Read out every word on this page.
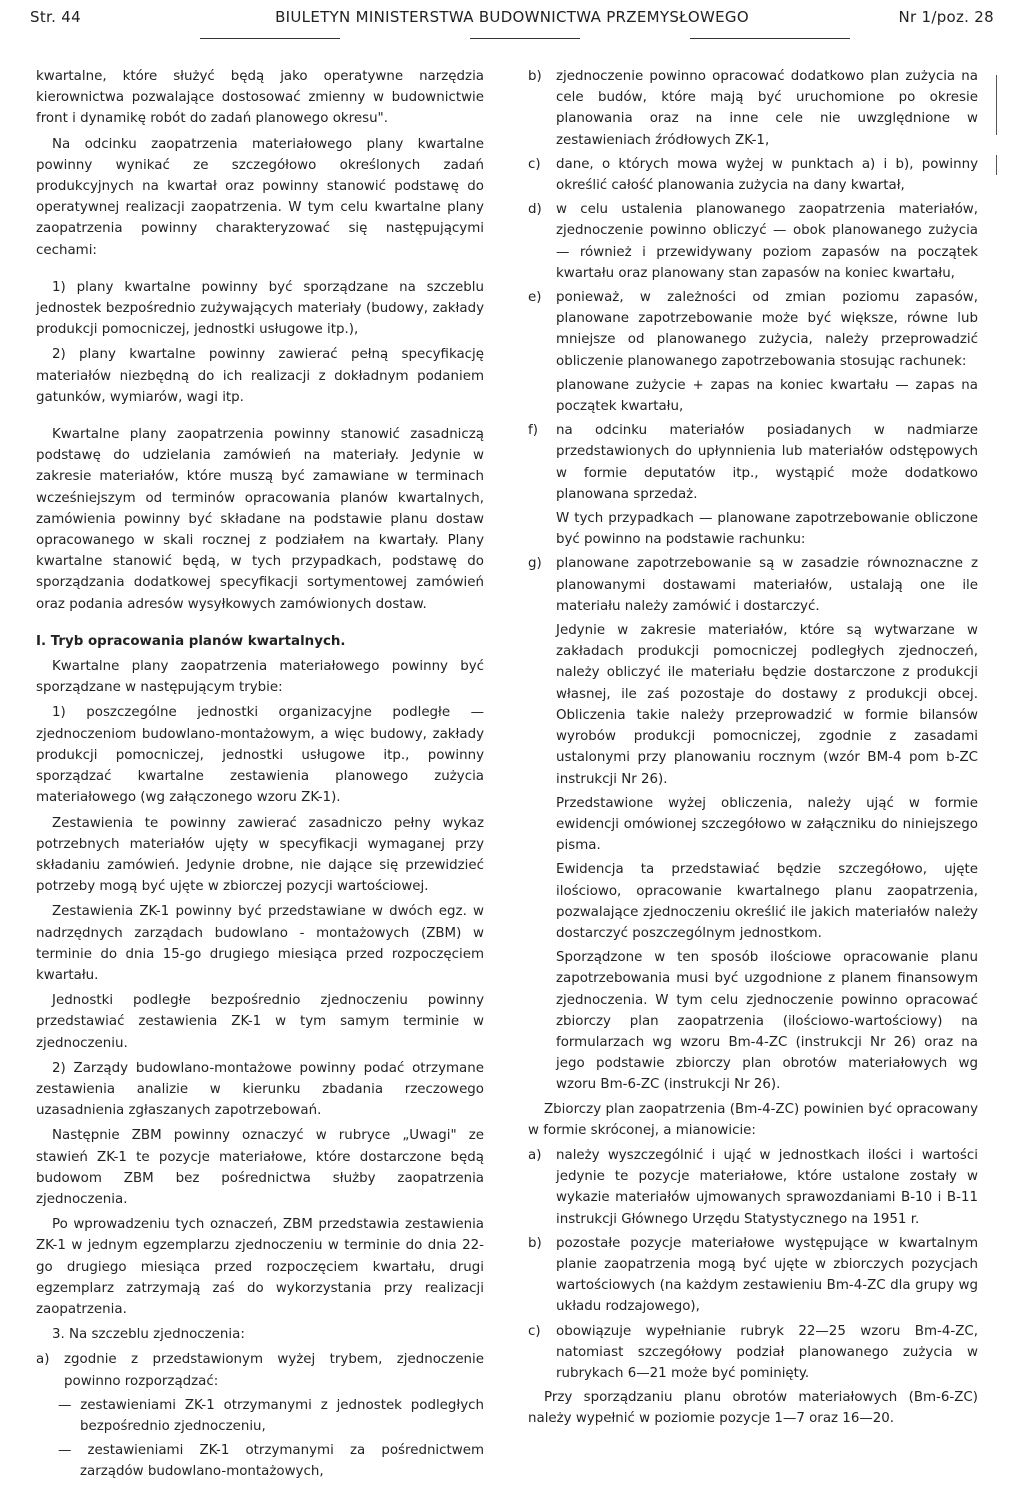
Str. 44	BIULETYN MINISTERSTWA BUDOWNICTWA PRZEMYSŁOWEGO	Nr 1/poz. 28

kwartalne, które służyć będą jako operatywne narzędzia kierownictwa pozwalające dostosować zmienny w budownictwie front i dynamikę robót do zadań planowego okresu".

Na odcinku zaopatrzenia materiałowego plany kwartalne powinny wynikać ze szczegółowo określonych zadań produkcyjnych na kwartał oraz powinny stanowić podstawę do operatywnej realizacji zaopatrzenia. W tym celu kwartalne plany zaopatrzenia powinny charakteryzować się następującymi cechami:

1) plany kwartalne powinny być sporządzane na szczeblu jednostek bezpośrednio zużywających materiały (budowy, zakłady produkcji pomocniczej, jednostki usługowe itp.),

2) plany kwartalne powinny zawierać pełną specyfikację materiałów niezbędną do ich realizacji z dokładnym podaniem gatunków, wymiarów, wagi itp.

Kwartalne plany zaopatrzenia powinny stanowić zasadniczą podstawę do udzielania zamówień na materiały. Jedynie w zakresie materiałów, które muszą być zamawiane w terminach wcześniejszym od terminów opracowania planów kwartalnych, zamówienia powinny być składane na podstawie planu dostaw opracowanego w skali rocznej z podziałem na kwartały. Plany kwartalne stanowić będą, w tych przypadkach, podstawę do sporządzania dodatkowej specyfikacji sortymentowej zamówień oraz podania adresów wysyłkowych zamówionych dostaw.

I. Tryb opracowania planów kwartalnych.

Kwartalne plany zaopatrzenia materiałowego powinny być sporządzane w następującym trybie:

1) poszczególne jednostki organizacyjne podległe — zjednoczeniom budowlano-montażowym, a więc budowy, zakłady produkcji pomocniczej, jednostki usługowe itp., powinny sporządzać kwartalne zestawienia planowego zużycia materiałowego (wg załączonego wzoru ZK-1).

Zestawienia te powinny zawierać zasadniczo pełny wykaz potrzebnych materiałów ujęty w specyfikacji wymaganej przy składaniu zamówień. Jedynie drobne, nie dające się przewidzieć potrzeby mogą być ujęte w zbiorczej pozycji wartościowej.

Zestawienia ZK-1 powinny być przedstawiane w dwóch egz. w nadrzędnych zarządach budowlano - montażowych (ZBM) w terminie do dnia 15-go drugiego miesiąca przed rozpoczęciem kwartału.

Jednostki podległe bezpośrednio zjednoczeniu powinny przedstawiać zestawienia ZK-1 w tym samym terminie w zjednoczeniu.

2) Zarządy budowlano-montażowe powinny podać otrzymane zestawienia analizie w kierunku zbadania rzeczowego uzasadnienia zgłaszanych zapotrzebowań.

Następnie ZBM powinny oznaczyć w rubryce „Uwagi" ze stawień ZK-1 te pozycje materiałowe, które dostarczone będą budowom ZBM bez pośrednictwa służby zaopatrzenia zjednoczenia.

Po wprowadzeniu tych oznaczeń, ZBM przedstawia zestawienia ZK-1 w jednym egzemplarzu zjednoczeniu w terminie do dnia 22-go drugiego miesiąca przed rozpoczęciem kwartału, drugi egzemplarz zatrzymają zaś do wykorzystania przy realizacji zaopatrzenia.

3. Na szczeblu zjednoczenia:

a) zgodnie z przedstawionym wyżej trybem, zjednoczenie powinno rozporządzać:

— zestawieniami ZK-1 otrzymanymi z jednostek podległych bezpośrednio zjednoczeniu,

— zestawieniami ZK-1 otrzymanymi za pośrednictwem zarządów budowlano-montażowych,

b) zjednoczenie powinno opracować dodatkowo plan zużycia na cele budów, które mają być uruchomione po okresie planowania oraz na inne cele nie uwzględnione w zestawieniach źródłowych ZK-1,

c) dane, o których mowa wyżej w punktach a) i b), powinny określić całość planowania zużycia na dany kwartał,

d) w celu ustalenia planowanego zaopatrzenia materiałów, zjednoczenie powinno obliczyć — obok planowanego zużycia — również i przewidywany poziom zapasów na początek kwartału oraz planowany stan zapasów na koniec kwartału,

e) ponieważ, w zależności od zmian poziomu zapasów, planowane zapotrzebowanie może być większe, równe lub mniejsze od planowanego zużycia, należy przeprowadzić obliczenie planowanego zapotrzebowania stosując rachunek:

planowane zużycie + zapas na koniec kwartału — zapas na początek kwartału,

f) na odcinku materiałów posiadanych w nadmiarze przedstawionych do upłynnienia lub materiałów odstępowych w formie deputatów itp., wystąpić może dodatkowo planowana sprzedaż.

W tych przypadkach — planowane zapotrzebowanie obliczone być powinno na podstawie rachunku:

g) planowane zapotrzebowanie są w zasadzie równoznaczne z planowanymi dostawami materiałów, ustalają one ile materiału należy zamówić i dostarczyć.

Jedynie w zakresie materiałów, które są wytwarzane w zakładach produkcji pomocniczej podległych zjednoczeń, należy obliczyć ile materiału będzie dostarczone z produkcji własnej, ile zaś pozostaje do dostawy z produkcji obcej. Obliczenia takie należy przeprowadzić w formie bilansów wyrobów produkcji pomocniczej, zgodnie z zasadami ustalonymi przy planowaniu rocznym (wzór BM-4 pom b-ZC instrukcji Nr 26).

Przedstawione wyżej obliczenia, należy ująć w formie ewidencji omówionej szczegółowo w załączniku do niniejszego pisma.

Ewidencja ta przedstawiać będzie szczegółowo, ujęte ilościowo, opracowanie kwartalnego planu zaopatrzenia, pozwalające zjednoczeniu określić ile jakich materiałów należy dostarczyć poszczególnym jednostkom.

Sporządzone w ten sposób ilościowe opracowanie planu zapotrzebowania musi być uzgodnione z planem finansowym zjednoczenia. W tym celu zjednoczenie powinno opracować zbiorczy plan zaopatrzenia (ilościowo-wartościowy) na formularzach wg wzoru Bm-4-ZC (instrukcji Nr 26) oraz na jego podstawie zbiorczy plan obrotów materiałowych wg wzoru Bm-6-ZC (instrukcji Nr 26).

Zbiorczy plan zaopatrzenia (Bm-4-ZC) powinien być opracowany w formie skróconej, a mianowicie:

a) należy wyszczególnić i ująć w jednostkach ilości i wartości jedynie te pozycje materiałowe, które ustalone zostały w wykazie materiałów ujmowanych sprawozdaniami B-10 i B-11 instrukcji Głównego Urzędu Statystycznego na 1951 r.

b) pozostałe pozycje materiałowe występujące w kwartalnym planie zaopatrzenia mogą być ujęte w zbiorczych pozycjach wartościowych (na każdym zestawieniu Bm-4-ZC dla grupy wg układu rodzajowego),

c) obowiązuje wypełnianie rubryk 22—25 wzoru Bm-4-ZC, natomiast szczegółowy podział planowanego zużycia w rubrykach 6—21 może być pominięty.

Przy sporządzaniu planu obrotów materiałowych (Bm-6-ZC) należy wypełnić w poziomie pozycje 1—7 oraz 16—20.
